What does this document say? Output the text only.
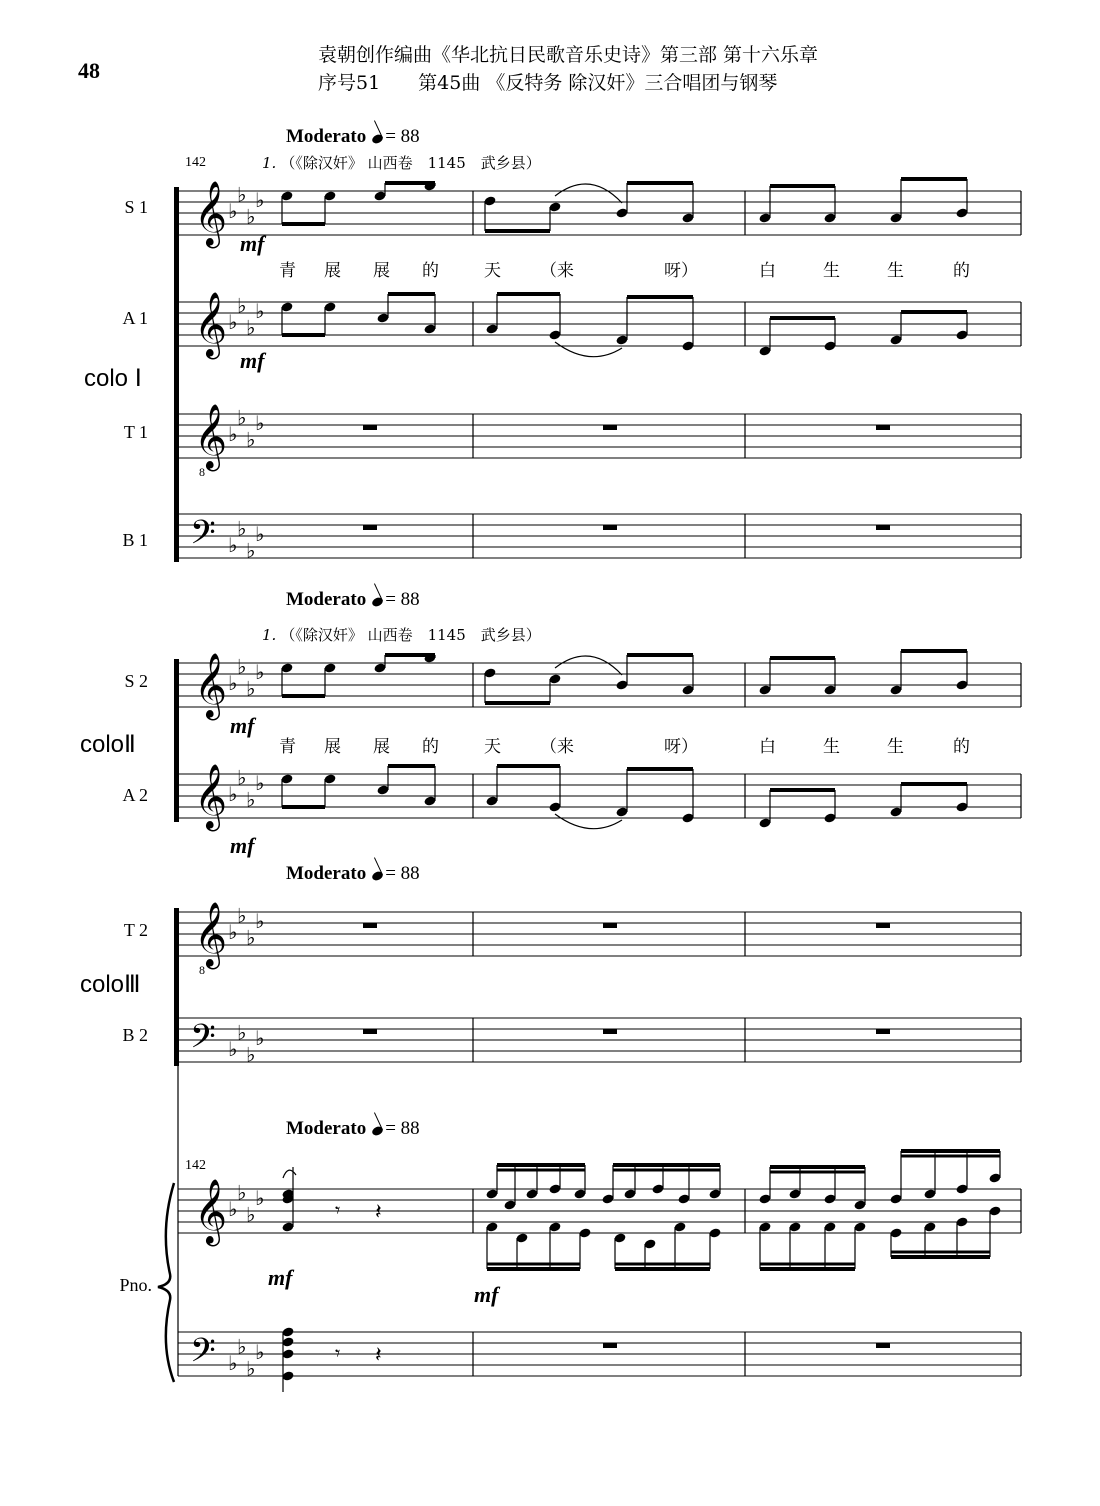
48
袁朝创作编曲《华北抗日民歌音乐史诗》第三部 第十六乐章
序号51　　第45曲 《反特务 除汉奸》三合唱团与钢琴
Moderato = 88
142	1. （《除汉奸》 山西卷　1145　武乡县）
S 1
A 1
colo Ⅰ
T 1
B 1
mf
mf
青 展 展 的	天 （来	呀）	白	生	生	的
Moderato = 88
1. （《除汉奸》 山西卷　1145　武乡县）
S 2
coloⅡ
A 2
mf
mf
青 展 展 的	天 （来	呀）	白	生	生	的
Moderato = 88
T 2
coloⅢ
B 2
Moderato = 88
142
Pno.	mf
mf
𝄞
𝄞
𝄞
8
𝄢
♭
♭
♭
♭
♭
♭
♭
♭
♭
♭
♭
♭
♭
♭
♭
♭
𝄞
𝄞
♭
♭
♭
♭
♭
♭
♭
♭
𝄞
8
𝄢
♭
♭
♭
♭
♭
♭
♭
♭
𝄞
𝄢
♭
♭
♭
♭
♭
♭
♭
♭
𝄾 𝄽
𝄾 𝄽
